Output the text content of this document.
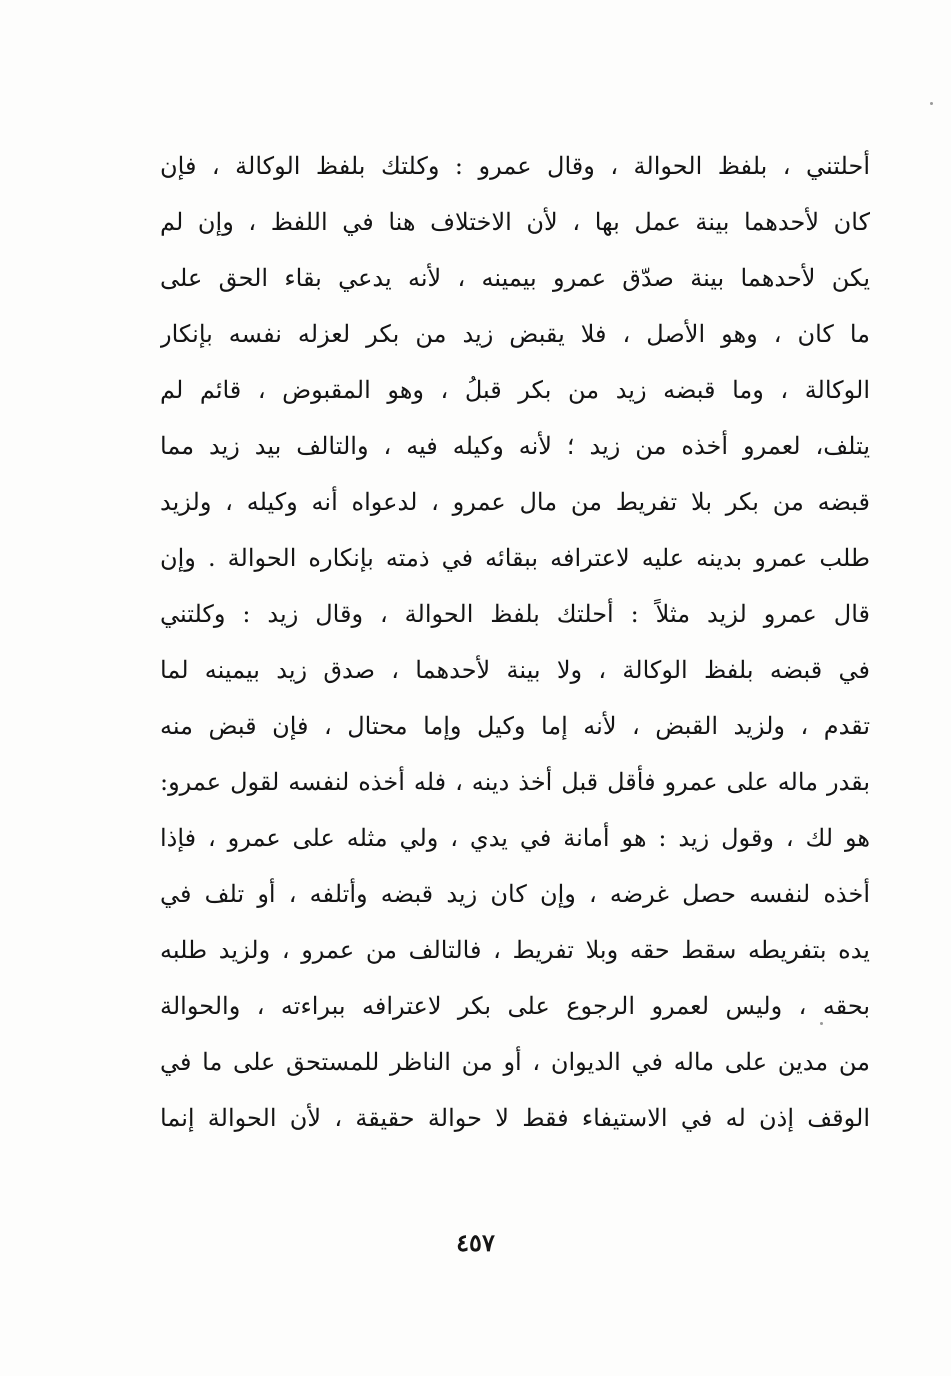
أحلتني ، بلفظ الحوالة ، وقال عمرو : وكلتك بلفظ الوكالة ، فإن
كان لأحدهما بينة عمل بها ، لأن الاختلاف هنا في اللفظ ، وإن لم
يكن لأحدهما بينة صدّق عمرو بيمينه ، لأنه يدعي بقاء الحق على
ما كان ، وهو الأصل ، فلا يقبض زيد من بكر لعزله نفسه بإنكار
الوكالة ، وما قبضه زيد من بكر قبلُ ، وهو المقبوض ، قائم لم
يتلف، لعمرو أخذه من زيد ؛ لأنه وكيله فيه ، والتالف بيد زيد مما
قبضه من بكر بلا تفريط من مال عمرو ، لدعواه أنه وكيله ، ولزيد
طلب عمرو بدينه عليه لاعترافه ببقائه في ذمته بإنكاره الحوالة . وإن
قال عمرو لزيد مثلاً : أحلتك بلفظ الحوالة ، وقال زيد : وكلتني
في قبضه بلفظ الوكالة ، ولا بينة لأحدهما ، صدق زيد بيمينه لما
تقدم ، ولزيد القبض ، لأنه إما وكيل وإما محتال ، فإن قبض منه
بقدر ماله على عمرو فأقل قبل أخذ دينه ، فله أخذه لنفسه لقول عمرو:
هو لك ، وقول زيد : هو أمانة في يدي ، ولي مثله على عمرو ، فإذا
أخذه لنفسه حصل غرضه ، وإن كان زيد قبضه وأتلفه ، أو تلف في
يده بتفريطه سقط حقه وبلا تفريط ، فالتالف من عمرو ، ولزيد طلبه
بحقه ، وليس لعمرو الرجوع على بكر لاعترافه ببراءته ، والحوالة
من مدين على ماله في الديوان ، أو من الناظر للمستحق على ما في
الوقف إذن له في الاستيفاء فقط لا حوالة حقيقة ، لأن الحوالة إنما
٤٥٧
